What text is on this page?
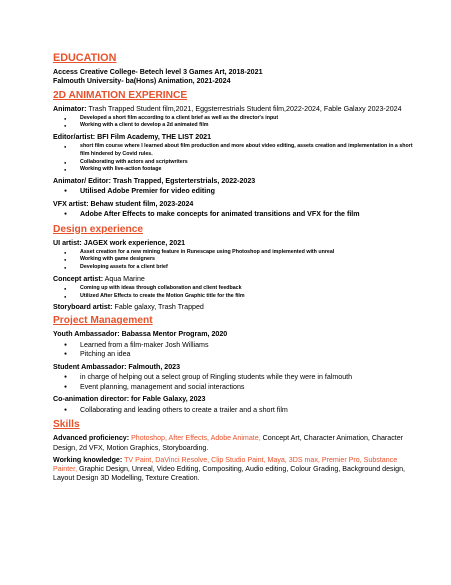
EDUCATION

Access Creative College- Betech level 3 Games Art, 2018-2021

Falmouth University- ba(Hons) Animation, 2021-2024

2D ANIMATION EXPERINCE

Animator: Trash Trapped Student film,2021, Eggsterrestrials Student film,2022-2024, Fable Galaxy 2023-2024

● Developed a short film according to a client brief as well as the director's input
● Working with a client to develop a 2d animated film

Editor/artist: BFI Film Academy, THE LIST 2021

● short film course where I learned about film production and more about video editing, assets creation and implementation in a short film hindered by Covid rules.
● Collaborating with actors and scriptwriters
● Working with live-action footage

Animator/ Editor: Trash Trapped, Egsterterstrials, 2022-2023

● Utilised Adobe Premier for video editing

VFX artist: Behaw student film, 2023-2024

● Adobe After Effects to make concepts for animated transitions and VFX for the film
Design experience

UI artist: JAGEX work experience, 2021

● Asset creation for a new mining feature in Runescape using Photoshop and implemented with unreal
● Working with game designers
● Developing assets for a client brief

Concept artist: Aqua Marine

● Coming up with ideas through collaboration and client feedback
● Utilized After Effects to create the Motion Graphic title for the film

Storyboard artist: Fable galaxy, Trash Trapped

Project Management

Youth Ambassador: Babassa Mentor Program, 2020

● Learned from a film-maker Josh Williams
● Pitching an idea

Student Ambassador: Falmouth, 2023

● in charge of helping out a select group of Ringling students while they were in falmouth
● Event planning, management and social interactions

Co-animation director: for Fable Galaxy, 2023

● Collaborating and leading others to create a trailer and a short film
Skills

Advanced proficiency: Photoshop, After Effects, Adobe Animate, Concept Art, Character Animation, Character Design, 2d VFX, Motion Graphics, Storyboarding.

Working knowledge: TV Paint, DaVinci Resolve, Clip Studio Paint, Maya, 3DS max, Premier Pro, Substance Painter, Graphic Design, Unreal, Video Editing, Compositing, Audio editing, Colour Grading, Background design, Layout Design 3D Modelling, Texture Creation.
